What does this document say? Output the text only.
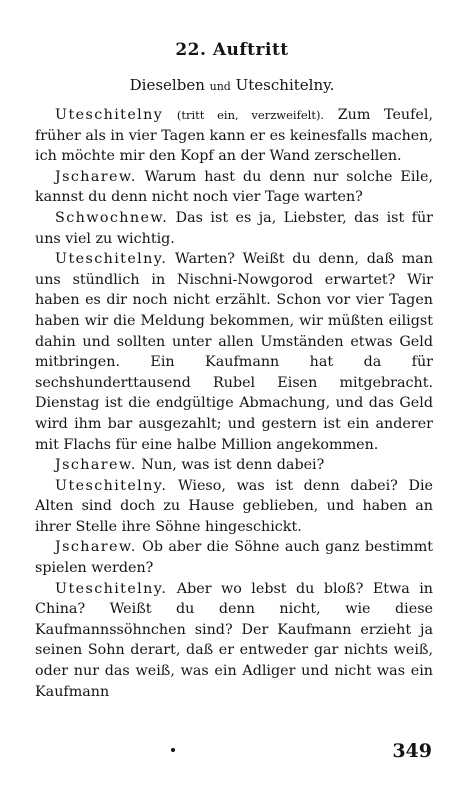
22. Auftritt
Dieselben und Uteschitelny.

Uteschitelny (tritt ein, verzweifelt). Zum Teufel, früher als in vier Tagen kann er es keinesfalls machen, ich möchte mir den Kopf an der Wand zerschellen.

Jscharew. Warum hast du denn nur solche Eile, kannst du denn nicht noch vier Tage warten?

Schwochnew. Das ist es ja, Liebster, das ist für uns viel zu wichtig.

Uteschitelny. Warten? Weißt du denn, daß man uns stündlich in Nischni-Nowgorod erwartet? Wir haben es dir noch nicht erzählt. Schon vor vier Tagen haben wir die Meldung bekommen, wir müßten eiligst dahin und sollten unter allen Umständen etwas Geld mitbringen. Ein Kaufmann hat da für sechshunderttausend Rubel Eisen mitgebracht. Dienstag ist die endgültige Abmachung, und das Geld wird ihm bar ausgezahlt; und gestern ist ein anderer mit Flachs für eine halbe Million angekommen.

Jscharew. Nun, was ist denn dabei?

Uteschitelny. Wieso, was ist denn dabei? Die Alten sind doch zu Hause geblieben, und haben an ihrer Stelle ihre Söhne hingeschickt.

Jscharew. Ob aber die Söhne auch ganz bestimmt spielen werden?

Uteschitelny. Aber wo lebst du bloß? Etwa in China? Weißt du denn nicht, wie diese Kaufmannssöhnchen sind? Der Kaufmann erzieht ja seinen Sohn derart, daß er entweder gar nichts weiß, oder nur das weiß, was ein Adliger und nicht was ein Kaufmann

349
